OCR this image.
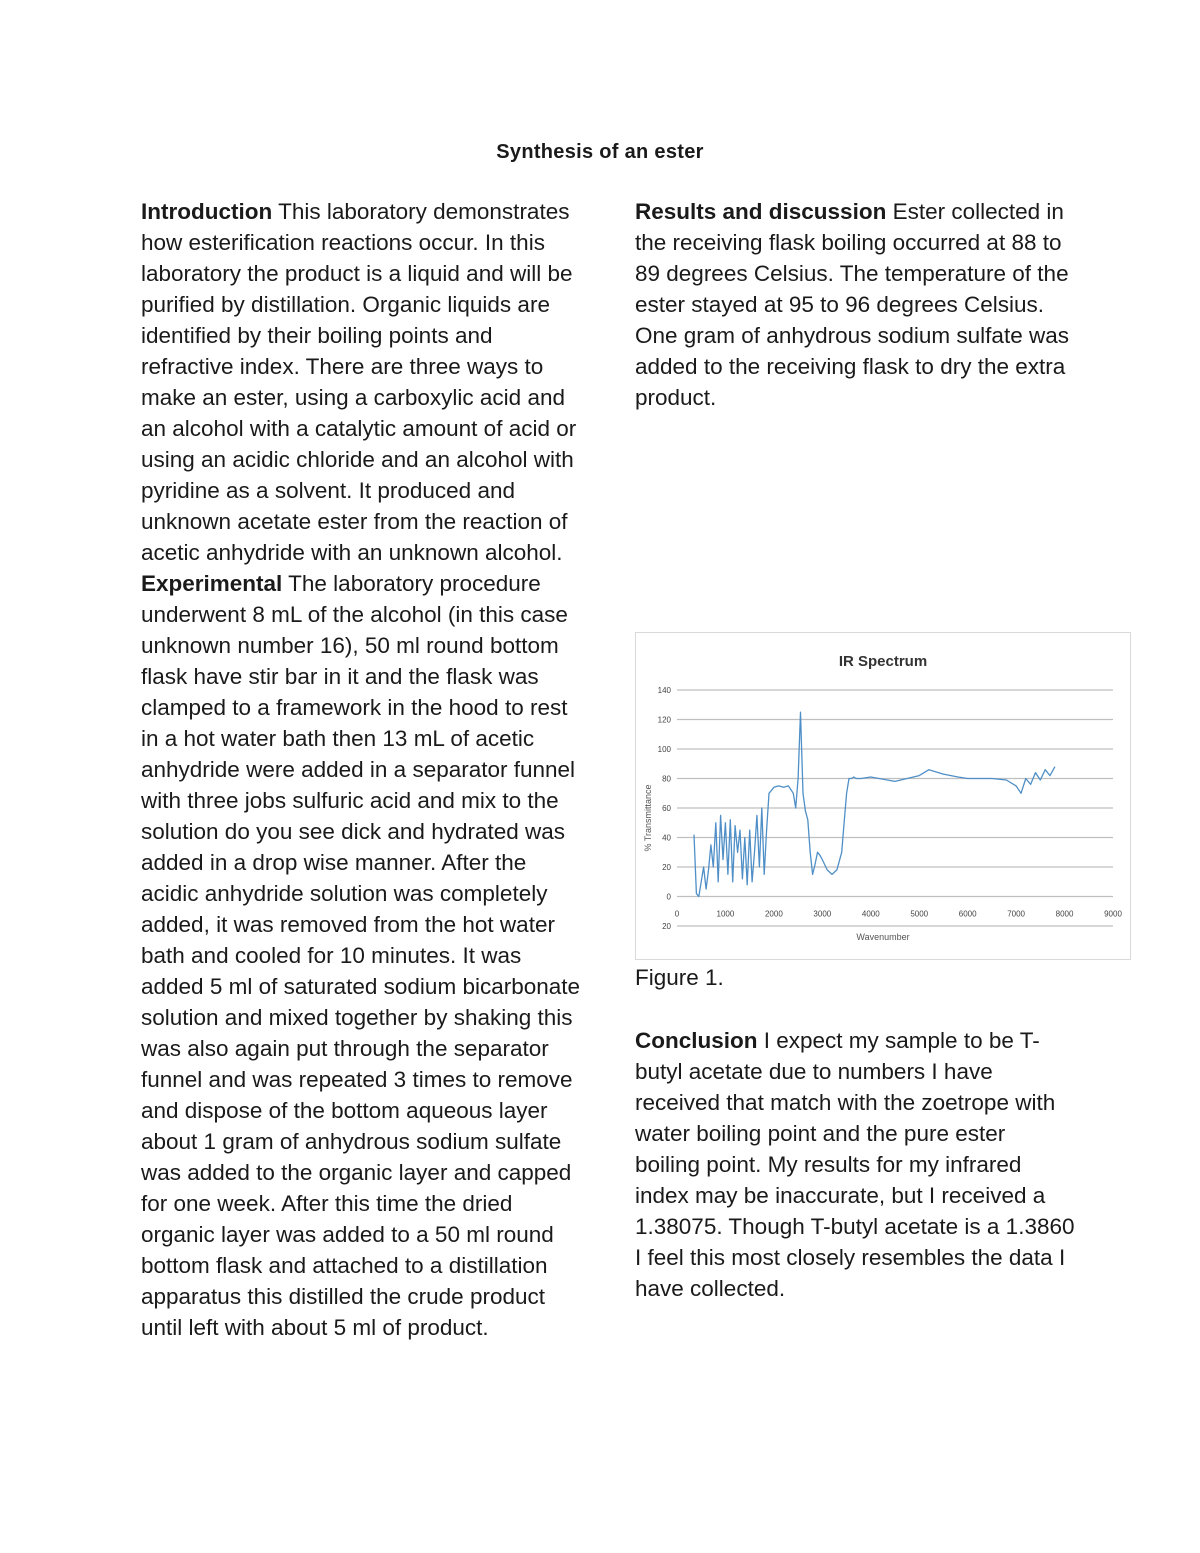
Synthesis of an ester

Introduction This laboratory demonstrates how esterification reactions occur. In this laboratory the product is a liquid and will be purified by distillation. Organic liquids are identified by their boiling points and refractive index. There are three ways to make an ester, using a carboxylic acid and an alcohol with a catalytic amount of acid or using an acidic chloride and an alcohol with pyridine as a solvent. It produced and unknown acetate ester from the reaction of acetic anhydride with an unknown alcohol.

Experimental The laboratory procedure underwent 8 mL of the alcohol (in this case unknown number 16), 50 ml round bottom flask have stir bar in it and the flask was clamped to a framework in the hood to rest in a hot water bath then 13 mL of acetic anhydride were added in a separator funnel with three jobs sulfuric acid and mix to the solution do you see dick and hydrated was added in a drop wise manner. After the acidic anhydride solution was completely added, it was removed from the hot water bath and cooled for 10 minutes. It was added 5 ml of saturated sodium bicarbonate solution and mixed together by shaking this was also again put through the separator funnel and was repeated 3 times to remove and dispose of the bottom aqueous layer about 1 gram of anhydrous sodium sulfate was added to the organic layer and capped for one week. After this time the dried organic layer was added to a 50 ml round bottom flask and attached to a distillation apparatus this distilled the crude product until left with about 5 ml of product.

Results and discussion Ester collected in the receiving flask boiling occurred at 88 to 89 degrees Celsius. The temperature of the ester stayed at 95 to 96 degrees Celsius. One gram of anhydrous sodium sulfate was added to the receiving flask to dry the extra product.

IR Spectrum
140
120
100
80
60
40
20
0
20
0	1000	2000	3000	4000	5000	6000	7000	8000	9000
Wavenumber
% Transmittance
Figure 1.

Conclusion I expect my sample to be T-butyl acetate due to numbers I have received that match with the zoetrope with water boiling point and the pure ester boiling point. My results for my infrared index may be inaccurate, but I received a 1.38075. Though T-butyl acetate is a 1.3860 I feel this most closely resembles the data I have collected.
